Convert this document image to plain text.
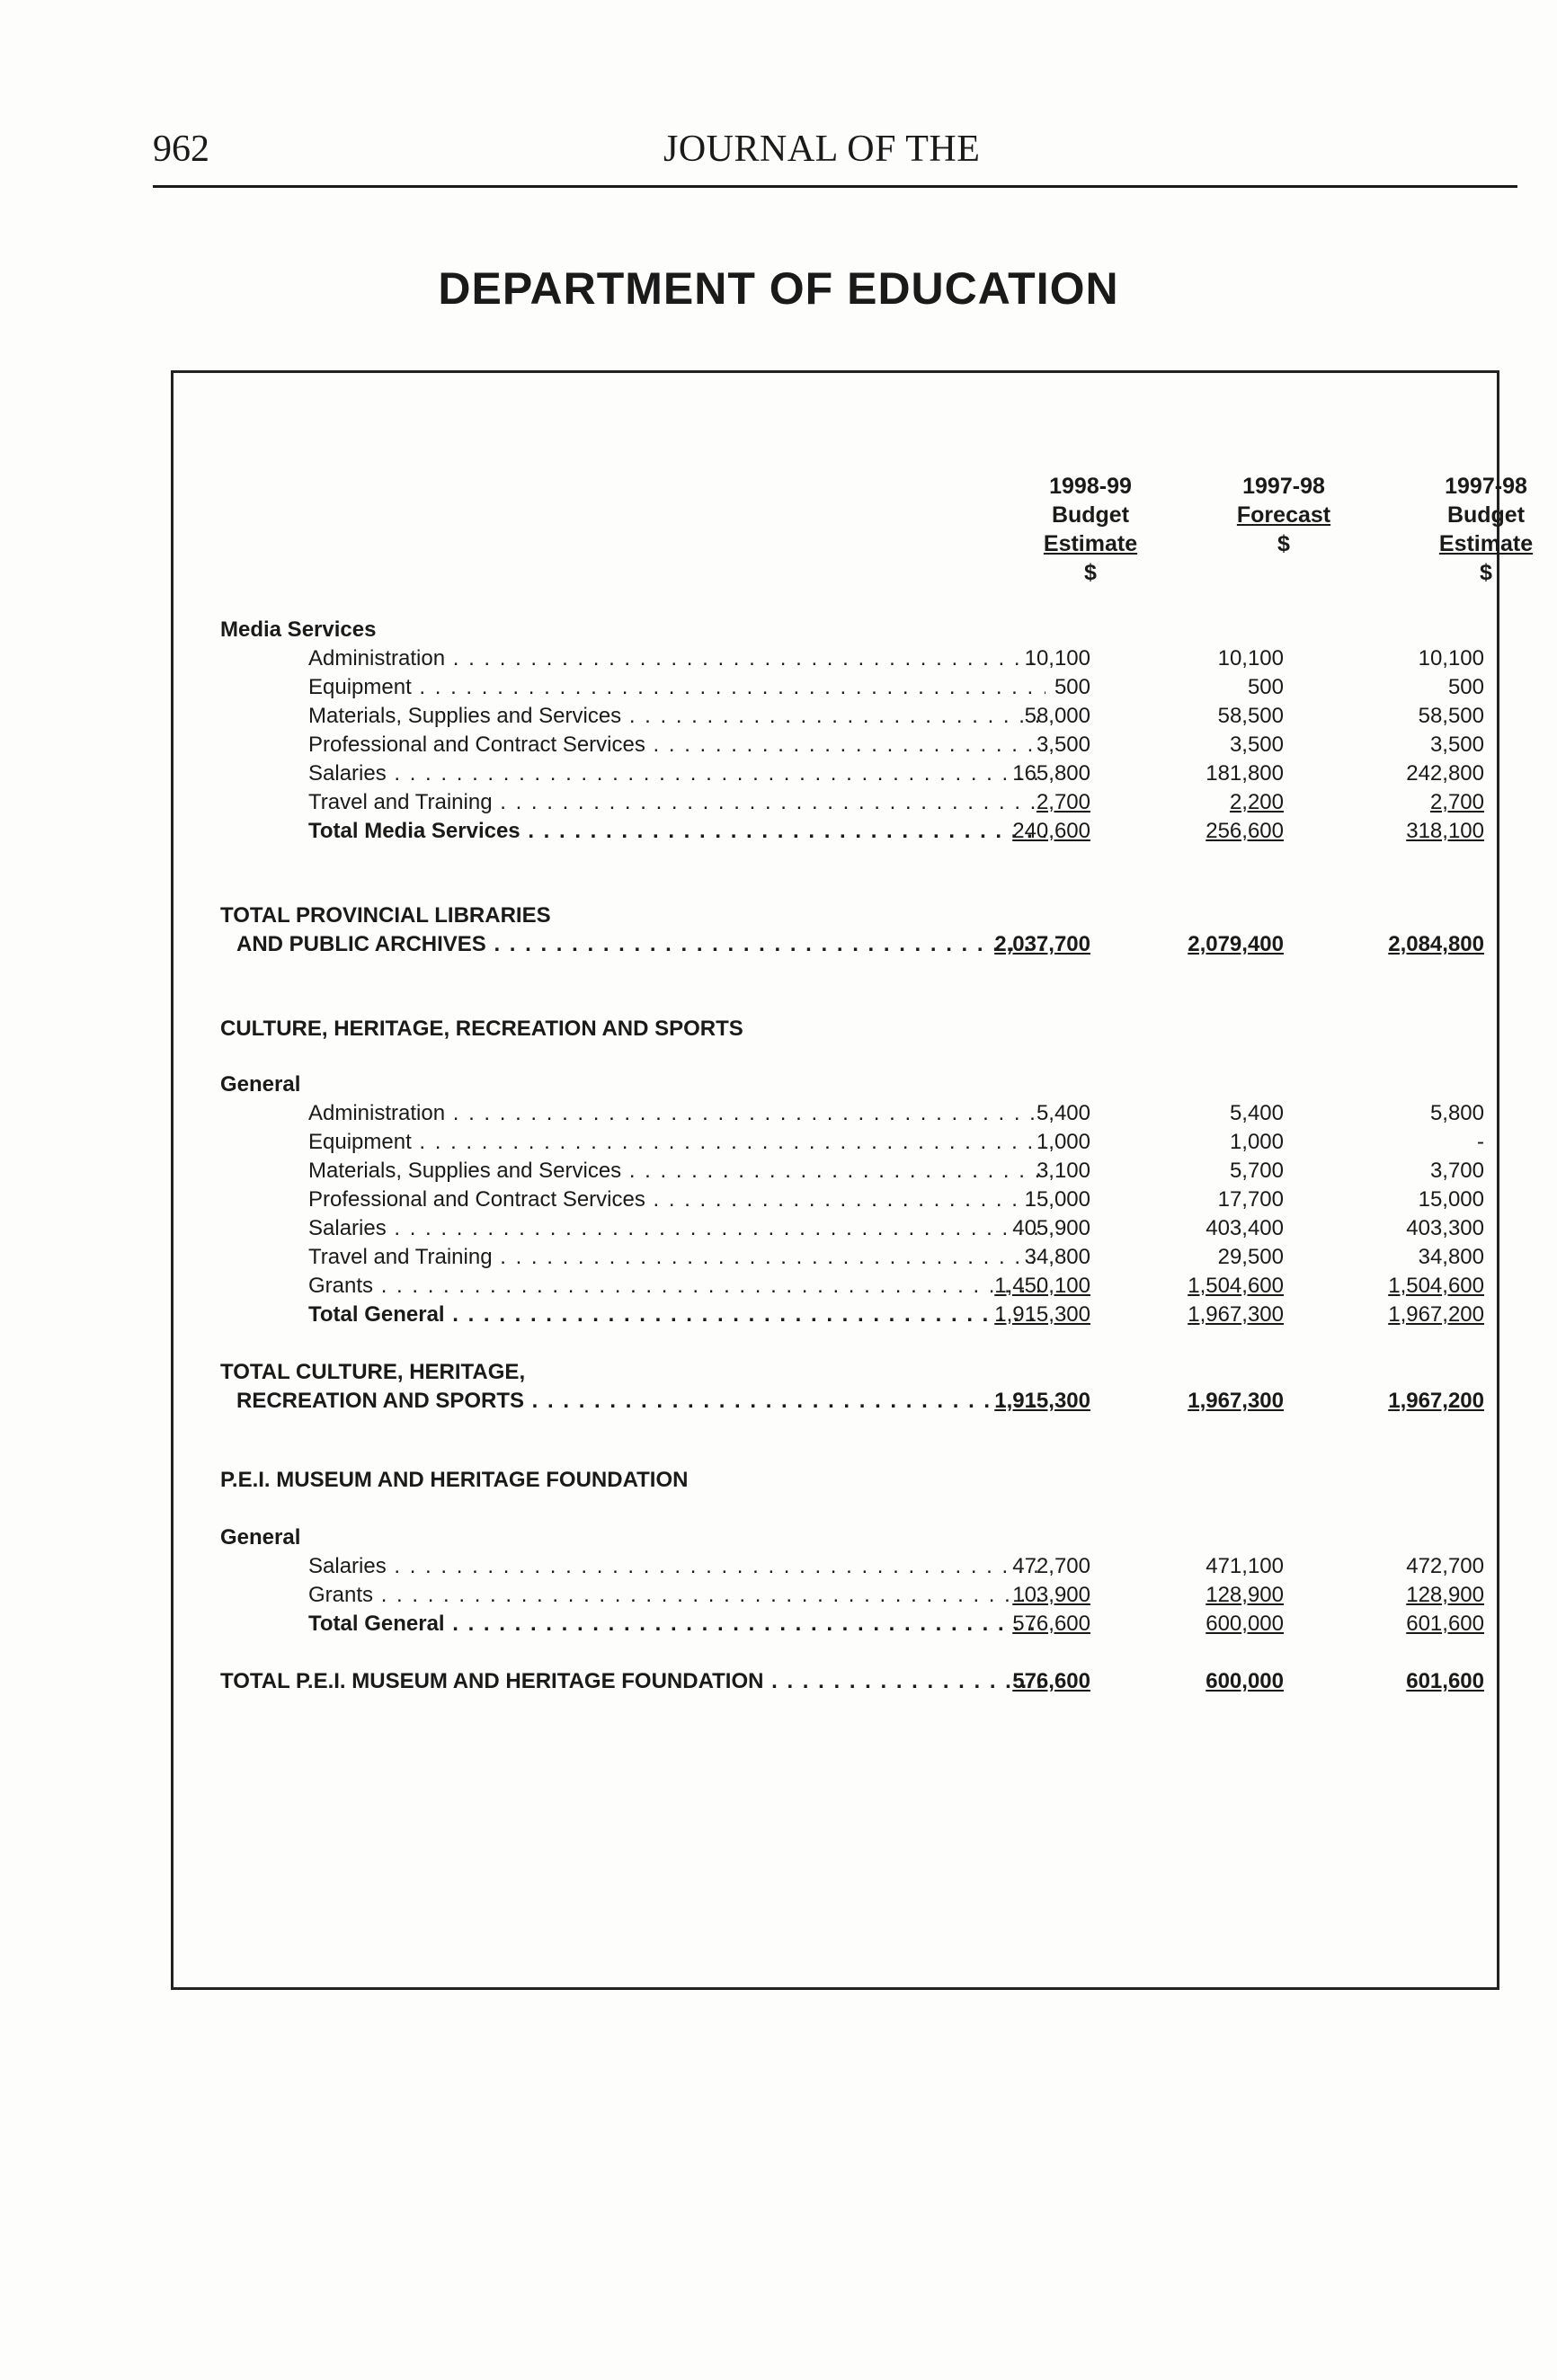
962	JOURNAL OF THE
DEPARTMENT OF EDUCATION
1998-99
Budget
Estimate
$
1997-98
Forecast
$
1997-98
Budget
Estimate
$
Media Services
Administration . . .	10,100	10,100	10,100
Equipment . . .	500	500	500
Materials, Supplies and Services . . .	58,000	58,500	58,500
Professional and Contract Services . . .	3,500	3,500	3,500
Salaries . . .	165,800	181,800	242,800
Travel and Training . . .	2,700	2,200	2,700
Total Media Services . . .	240,600	256,600	318,100
TOTAL PROVINCIAL LIBRARIES
AND PUBLIC ARCHIVES . . .	2,037,700	2,079,400	2,084,800
CULTURE, HERITAGE, RECREATION AND SPORTS
General
Administration . . .	5,400	5,400	5,800
Equipment . . .	1,000	1,000	-
Materials, Supplies and Services . . .	3,100	5,700	3,700
Professional and Contract Services . . .	15,000	17,700	15,000
Salaries . . .	405,900	403,400	403,300
Travel and Training . . .	34,800	29,500	34,800
Grants . . .	1,450,100	1,504,600	1,504,600
Total General . . .	1,915,300	1,967,300	1,967,200
TOTAL CULTURE, HERITAGE,
RECREATION AND SPORTS . . .	1,915,300	1,967,300	1,967,200
P.E.I. MUSEUM AND HERITAGE FOUNDATION
General
Salaries . . .	472,700	471,100	472,700
Grants . . .	103,900	128,900	128,900
Total General . . .	576,600	600,000	601,600
TOTAL P.E.I. MUSEUM AND HERITAGE FOUNDATION . . .	576,600	600,000	601,600
